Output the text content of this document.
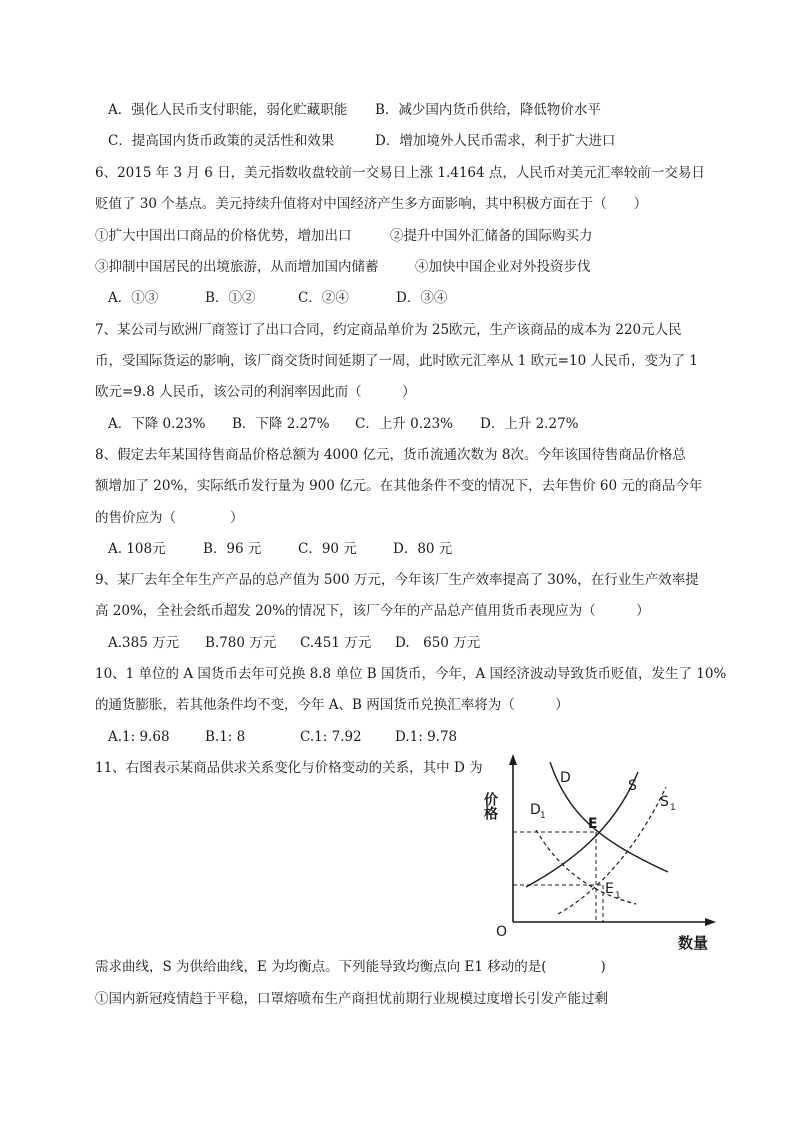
A．强化人民币支付职能，弱化贮藏职能 B．减少国内货币供给，降低物价水平
C．提高国内货币政策的灵活性和效果	D．增加境外人民币需求，利于扩大进口
6、2015 年 3 月 6 日，美元指数收盘较前一交易日上涨 1.4164 点，人民币对美元汇率较前一交易日
贬值了 30 个基点。美元持续升值将对中国经济产生多方面影响，其中积极方面在于（　　）
①扩大中国出口商品的价格优势，增加出口	②提升中国外汇储备的国际购买力
③抑制中国居民的出境旅游，从而增加国内储蓄	④加快中国企业对外投资步伐
A．①③	B．①②	C．②④	D．③④
7、某公司与欧洲厂商签订了出口合同，约定商品单价为 25欧元，生产该商品的成本为 220元人民
币，受国际货运的影响，该厂商交货时间延期了一周，此时欧元汇率从 1 欧元=10 人民币，变为了 1
欧元=9.8 人民币，该公司的利润率因此而（　　　）
A．下降 0.23% B．下降 2.27% C．上升 0.23% D．上升 2.27%
8、假定去年某国待售商品价格总额为 4000 亿元，货币流通次数为 8次。今年该国待售商品价格总
额增加了 20%，实际纸币发行量为 900 亿元。在其他条件不变的情况下，去年售价 60 元的商品今年
的售价应为（　　　　）
A. 108元	B．96 元	C．90 元	D．80 元
9、某厂去年全年生产产品的总产值为 500 万元，今年该厂生产效率提高了 30%，在行业生产效率提
高 20%，全社会纸币超发 20%的情况下，该厂今年的产品总产值用货币表现应为（　　　）
A.385 万元 B.780 万元 C.451 万元 D.　650 万元
10、1 单位的 A 国货币去年可兑换 8.8 单位 B 国货币，今年，A 国经济波动导致货币贬值，发生了 10%
的通货膨胀，若其他条件均不变，今年 A、B 两国货币兑换汇率将为（　　　）
A.1: 9.68	B.1: 8	C.1: 7.92 D.1: 9.78
11、右图表示某商品供求关系变化与价格变动的关系，其中 D 为
价格
O
数量
D	S
D 1
S 1
E
E 1
需求曲线，S 为供给曲线，E 为均衡点。下列能导致均衡点向 E1 移动的是(　　　　)
①国内新冠疫情趋于平稳，口罩熔喷布生产商担忧前期行业规模过度增长引发产能过剩
